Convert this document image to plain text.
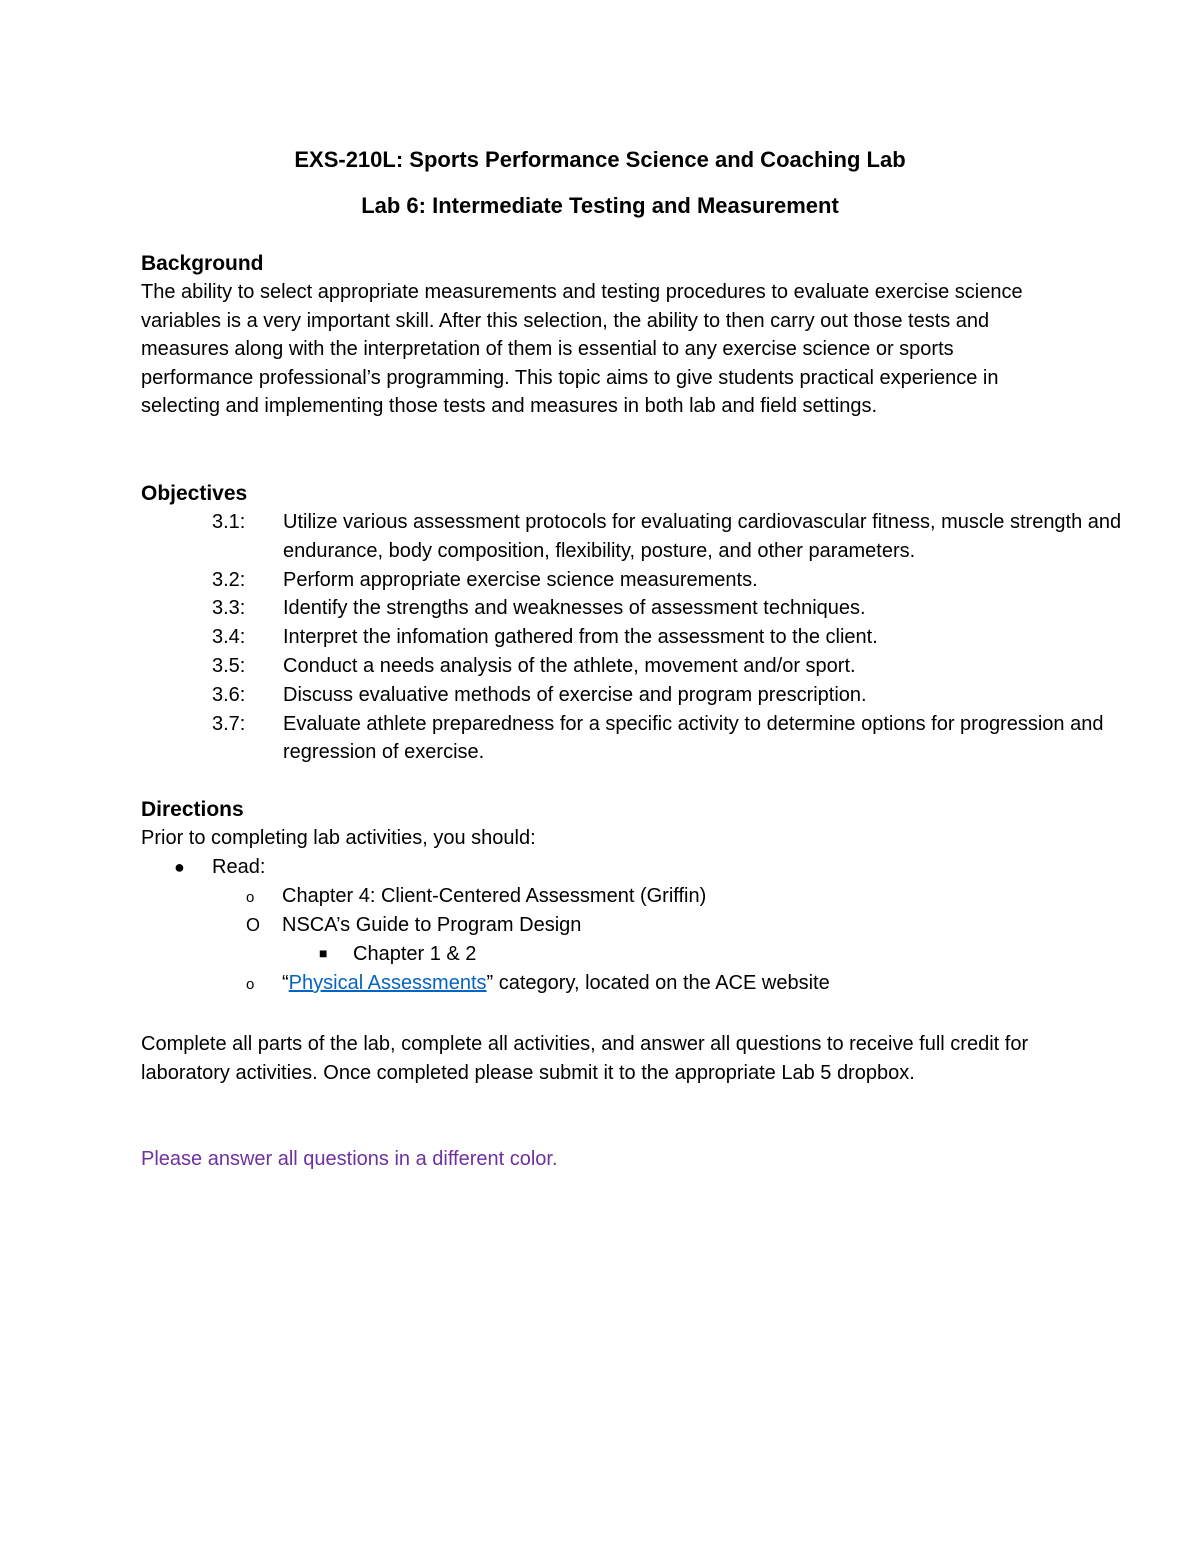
EXS-210L: Sports Performance Science and Coaching Lab
Lab 6: Intermediate Testing and Measurement
Background

The ability to select appropriate measurements and testing procedures to evaluate exercise science variables is a very important skill. After this selection, the ability to then carry out those tests and measures along with the interpretation of them is essential to any exercise science or sports performance professional’s programming. This topic aims to give students practical experience in selecting and implementing those tests and measures in both lab and field settings.

Objectives
3.1: Utilize various assessment protocols for evaluating cardiovascular fitness, muscle strength and endurance, body composition, flexibility, posture, and other parameters.
3.2: Perform appropriate exercise science measurements.
3.3: Identify the strengths and weaknesses of assessment techniques.
3.4: Interpret the infomation gathered from the assessment to the client.
3.5: Conduct a needs analysis of the athlete, movement and/or sport.
3.6: Discuss evaluative methods of exercise and program prescription.
3.7: Evaluate athlete preparedness for a specific activity to determine options for progression and regression of exercise.
Directions
Prior to completing lab activities, you should:
● Read:
o Chapter 4: Client-Centered Assessment (Griffin)
O NSCA’s Guide to Program Design
■ Chapter 1 & 2
o “Physical Assessments” category, located on the ACE website

Complete all parts of the lab, complete all activities, and answer all questions to receive full credit for laboratory activities. Once completed please submit it to the appropriate Lab 5 dropbox.

Please answer all questions in a different color.
